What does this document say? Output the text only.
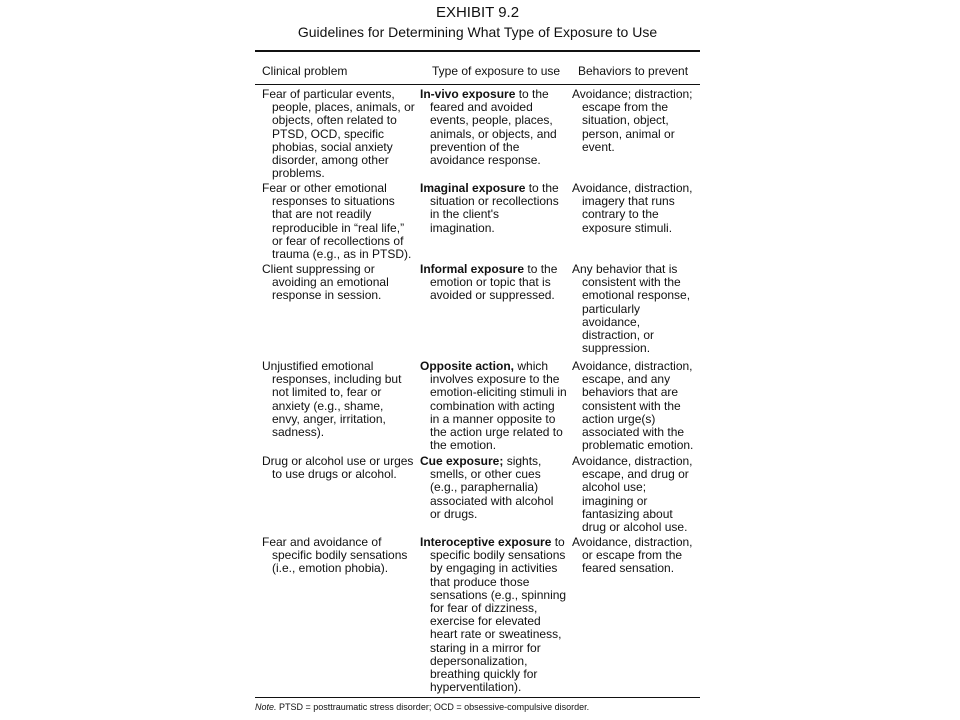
EXHIBIT 9.2
Guidelines for Determining What Type of Exposure to Use
Clinical problem	Type of exposure to use Behaviors to prevent
Fear of particular events,
people, places, animals, or
objects, often related to
PTSD, OCD, specific
phobias, social anxiety
disorder, among other
problems.
In-vivo exposure to the
feared and avoided
events, people, places,
animals, or objects, and
prevention of the
avoidance response.
Avoidance; distraction;
escape from the
situation, object,
person, animal or
event.
Fear or other emotional
responses to situations
that are not readily
reproducible in “real life,”
or fear of recollections of
trauma (e.g., as in PTSD).
Imaginal exposure to the
situation or recollections
in the client's
imagination.
Avoidance, distraction,
imagery that runs
contrary to the
exposure stimuli.
Client suppressing or
avoiding an emotional
response in session.
Informal exposure to the
emotion or topic that is
avoided or suppressed.
Any behavior that is
consistent with the
emotional response,
particularly
avoidance,
distraction, or
suppression.
Unjustified emotional
responses, including but
not limited to, fear or
anxiety (e.g., shame,
envy, anger, irritation,
sadness).
Opposite action, which
involves exposure to the
emotion-eliciting stimuli in
combination with acting
in a manner opposite to
the action urge related to
the emotion.
Avoidance, distraction,
escape, and any
behaviors that are
consistent with the
action urge(s)
associated with the
problematic emotion.
Drug or alcohol use or urges
to use drugs or alcohol.
Cue exposure; sights,
smells, or other cues
(e.g., paraphernalia)
associated with alcohol
or drugs.
Avoidance, distraction,
escape, and drug or
alcohol use;
imagining or
fantasizing about
drug or alcohol use.
Fear and avoidance of
specific bodily sensations
(i.e., emotion phobia).
Interoceptive exposure to
specific bodily sensations
by engaging in activities
that produce those
sensations (e.g., spinning
for fear of dizziness,
exercise for elevated
heart rate or sweatiness,
staring in a mirror for
depersonalization,
breathing quickly for
hyperventilation).
Avoidance, distraction,
or escape from the
feared sensation.
Note. PTSD = posttraumatic stress disorder; OCD = obsessive-compulsive disorder.
